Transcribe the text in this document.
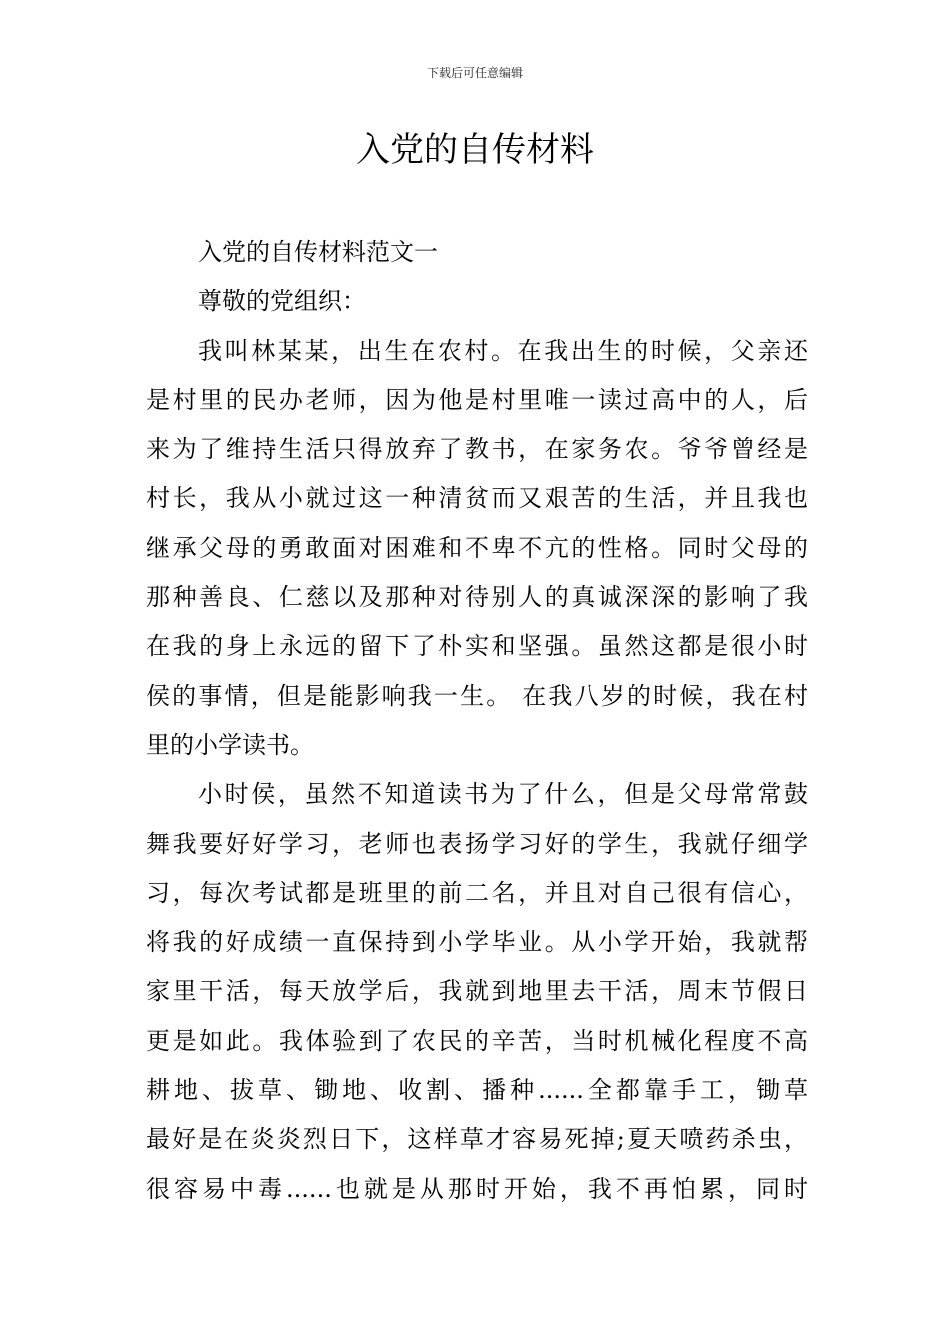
下载后可任意编辑
入党的自传材料
入党的自传材料范文一
尊敬的党组织：
我叫林某某，出生在农村。在我出生的时候，父亲还
是村里的民办老师，因为他是村里唯一读过高中的人，后
来为了维持生活只得放弃了教书，在家务农。爷爷曾经是
村长，我从小就过这一种清贫而又艰苦的生活，并且我也
继承父母的勇敢面对困难和不卑不亢的性格。同时父母的
那种善良、仁慈以及那种对待别人的真诚深深的影响了我
在我的身上永远的留下了朴实和坚强。虽然这都是很小时
侯的事情，但是能影响我一生。 在我八岁的时候，我在村
里的小学读书。
小时侯，虽然不知道读书为了什么，但是父母常常鼓
舞我要好好学习，老师也表扬学习好的学生，我就仔细学
习，每次考试都是班里的前二名，并且对自己很有信心，
将我的好成绩一直保持到小学毕业。从小学开始，我就帮
家里干活，每天放学后，我就到地里去干活，周末节假日
更是如此。我体验到了农民的辛苦，当时机械化程度不高
耕地、拔草、锄地、收割、播种......全都靠手工，锄草
最好是在炎炎烈日下，这样草才容易死掉;夏天喷药杀虫，
很容易中毒......也就是从那时开始，我不再怕累，同时
